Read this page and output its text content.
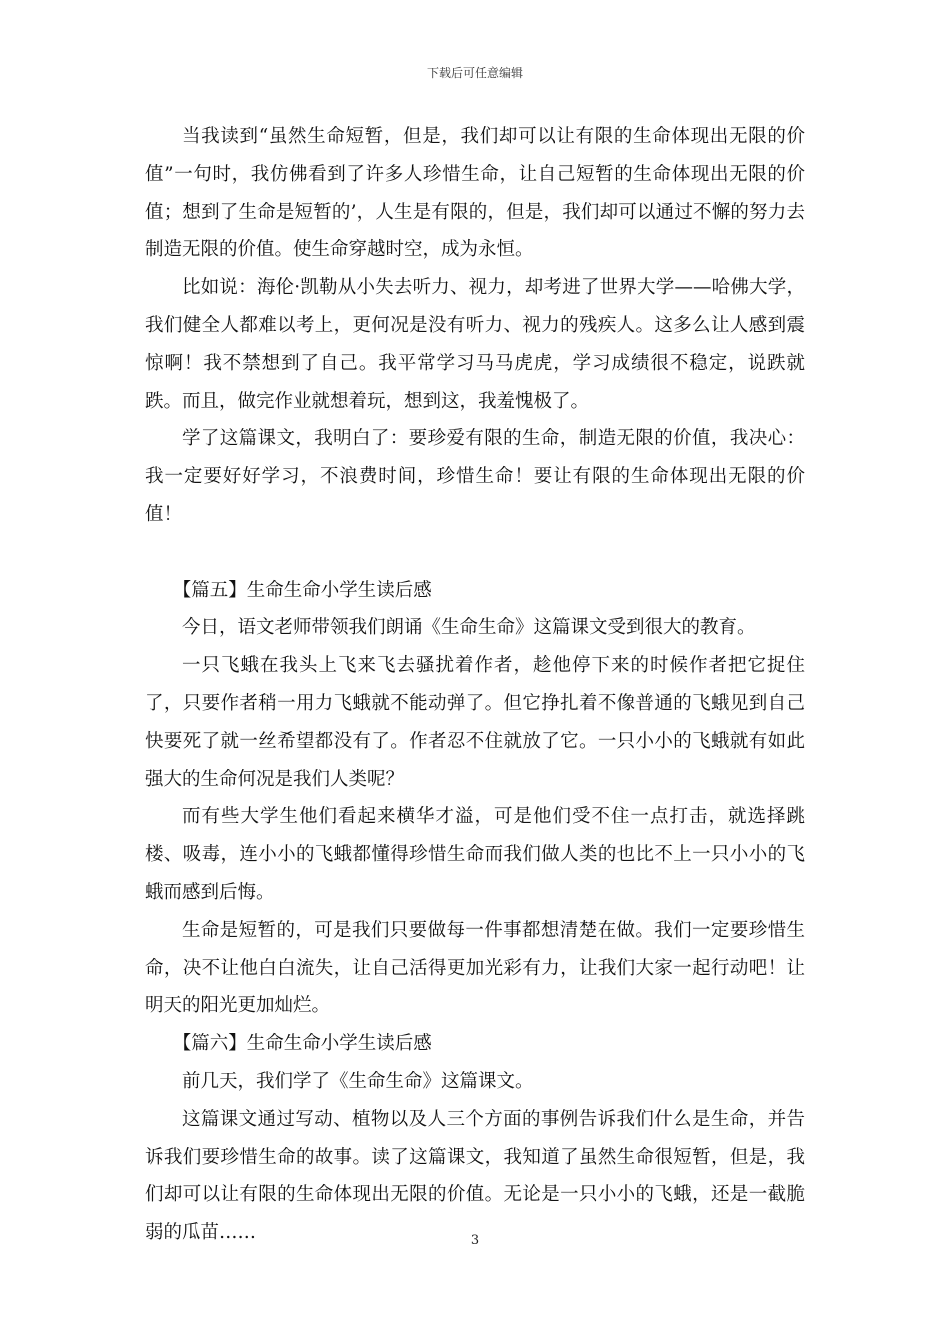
下载后可任意编辑

当我读到“虽然生命短暂，但是，我们却可以让有限的生命体现出无限的价值”一句时，我仿佛看到了许多人珍惜生命，让自己短暂的生命体现出无限的价值；想到了生命是短暂的’，人生是有限的，但是，我们却可以通过不懈的努力去制造无限的价值。使生命穿越时空，成为永恒。

比如说：海伦·凯勒从小失去听力、视力，却考进了世界大学——哈佛大学，我们健全人都难以考上，更何况是没有听力、视力的残疾人。这多么让人感到震惊啊！我不禁想到了自己。我平常学习马马虎虎，学习成绩很不稳定，说跌就跌。而且，做完作业就想着玩，想到这，我羞愧极了。

学了这篇课文，我明白了：要珍爱有限的生命，制造无限的价值，我决心：我一定要好好学习，不浪费时间，珍惜生命！要让有限的生命体现出无限的价值！

【篇五】生命生命小学生读后感

今日，语文老师带领我们朗诵《生命生命》这篇课文受到很大的教育。

一只飞蛾在我头上飞来飞去骚扰着作者，趁他停下来的时候作者把它捉住了，只要作者稍一用力飞蛾就不能动弹了。但它挣扎着不像普通的飞蛾见到自己快要死了就一丝希望都没有了。作者忍不住就放了它。一只小小的飞蛾就有如此强大的生命何况是我们人类呢？

而有些大学生他们看起来横华才溢，可是他们受不住一点打击，就选择跳楼、吸毒，连小小的飞蛾都懂得珍惜生命而我们做人类的也比不上一只小小的飞蛾而感到后悔。

生命是短暂的，可是我们只要做每一件事都想清楚在做。我们一定要珍惜生命，决不让他白白流失，让自己活得更加光彩有力，让我们大家一起行动吧！让明天的阳光更加灿烂。

【篇六】生命生命小学生读后感

前几天，我们学了《生命生命》这篇课文。

这篇课文通过写动、植物以及人三个方面的事例告诉我们什么是生命，并告诉我们要珍惜生命的故事。读了这篇课文，我知道了虽然生命很短暂，但是，我们却可以让有限的生命体现出无限的价值。无论是一只小小的飞蛾，还是一截脆弱的瓜苗……	3
